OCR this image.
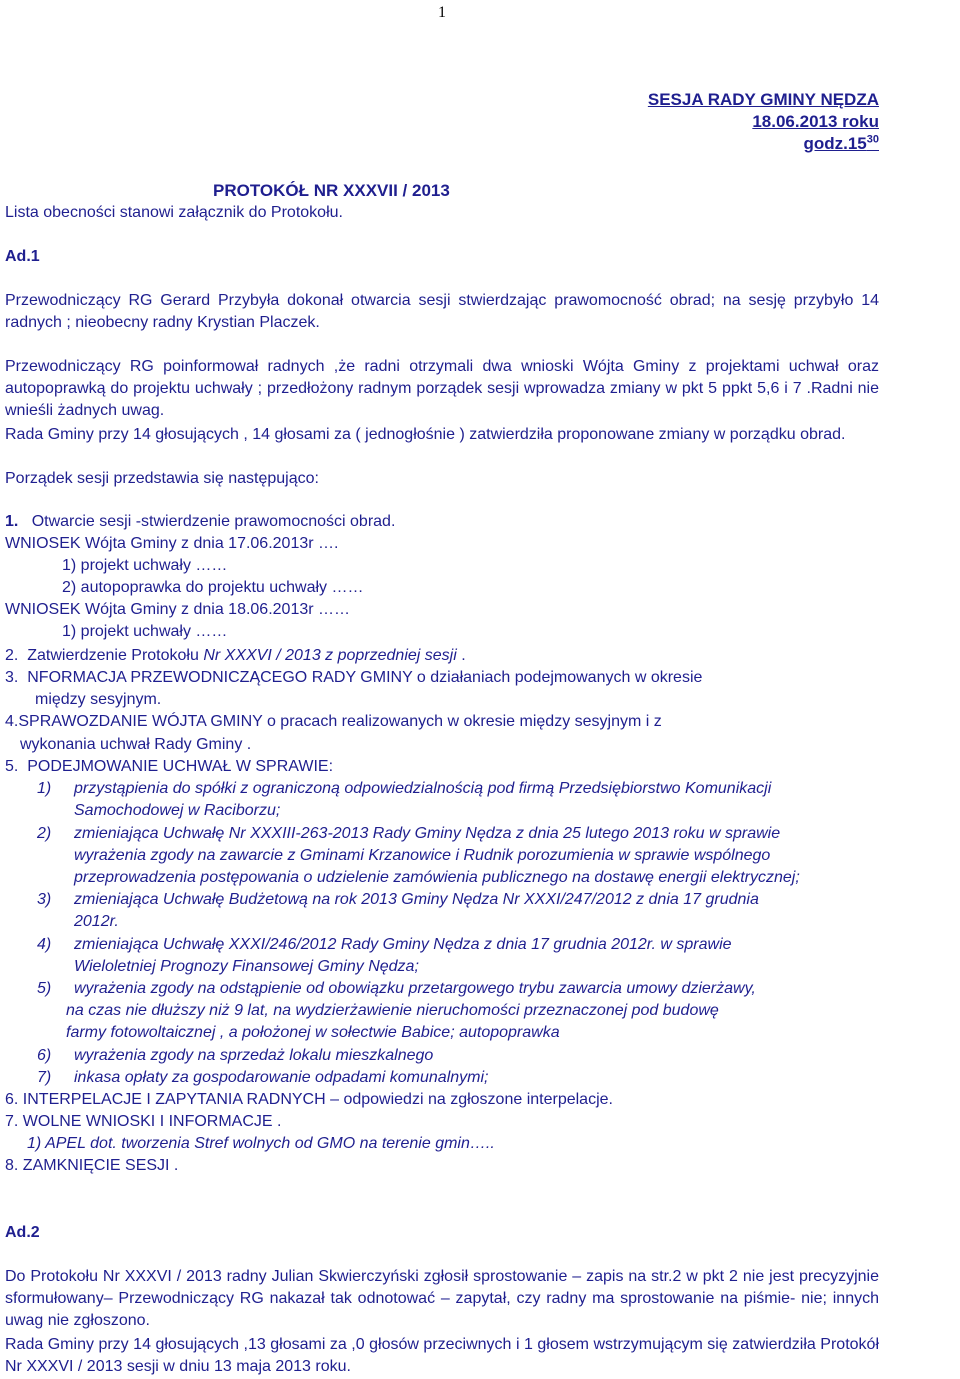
1
SESJA RADY GMINY NĘDZA
18.06.2013 roku
$godz.15^{30}$
PROTOKÓŁ NR XXXVII / 2013
Lista obecności stanowi załącznik do Protokołu.
Ad.1
Przewodniczący RG Gerard Przybyła dokonał otwarcia sesji stwierdzając prawomocność obrad; na sesję przybyło 14 radnych ; nieobecny radny Krystian Placzek.
Przewodniczący RG poinformował radnych ,że radni otrzymali dwa wnioski Wójta Gminy z projektami uchwał oraz autopoprawką do projektu uchwały ; przedłożony radnym porządek sesji wprowadza zmiany w pkt 5 ppkt 5,6 i 7 .Radni nie wnieśli żadnych uwag.
Rada Gminy przy 14 głosujących , 14 głosami za ( jednogłośnie ) zatwierdziła proponowane zmiany w porządku obrad.
Porządek sesji przedstawia się następująco:
1. Otwarcie sesji -stwierdzenie prawomocności obrad.
WNIOSEK Wójta Gminy z dnia 17.06.2013r ….
1) projekt uchwały ……
2) autopoprawka do projektu uchwały ……
WNIOSEK Wójta Gminy z dnia 18.06.2013r ……
1) projekt uchwały ……
2. Zatwierdzenie Protokołu Nr XXXVI / 2013 z poprzedniej sesji .
3. NFORMACJA PRZEWODNICZĄCEGO RADY GMINY o działaniach podejmowanych w okresie
między sesyjnym.
4.SPRAWOZDANIE WÓJTA GMINY o pracach realizowanych w okresie między sesyjnym i z
wykonania uchwał Rady Gminy .
5. PODEJMOWANIE UCHWAŁ W SPRAWIE:
1) przystąpienia do spółki z ograniczoną odpowiedzialnością pod firmą Przedsiębiorstwo Komunikacji
Samochodowej w Raciborzu;
2) zmieniająca Uchwałę Nr XXXIII-263-2013 Rady Gminy Nędza z dnia 25 lutego 2013 roku w sprawie
wyrażenia zgody na zawarcie z Gminami Krzanowice i Rudnik porozumienia w sprawie wspólnego
przeprowadzenia postępowania o udzielenie zamówienia publicznego na dostawę energii elektrycznej;
3) zmieniająca Uchwałę Budżetową na rok 2013 Gminy Nędza Nr XXXI/247/2012 z dnia 17 grudnia
2012r.
4) zmieniająca Uchwałę XXXI/246/2012 Rady Gminy Nędza z dnia 17 grudnia 2012r. w sprawie
Wieloletniej Prognozy Finansowej Gminy Nędza;
5) wyrażenia zgody na odstąpienie od obowiązku przetargowego trybu zawarcia umowy dzierżawy,
na czas nie dłuższy niż 9 lat, na wydzierżawienie nieruchomości przeznaczonej pod budowę
farmy fotowoltaicznej , a położonej w sołectwie Babice; autopoprawka
6) wyrażenia zgody na sprzedaż lokalu mieszkalnego
7) inkasa opłaty za gospodarowanie odpadami komunalnymi;
6. INTERPELACJE I ZAPYTANIA RADNYCH – odpowiedzi na zgłoszone interpelacje.
7. WOLNE WNIOSKI I INFORMACJE .
1) APEL dot. tworzenia Stref wolnych od GMO na terenie gmin…..
8. ZAMKNIĘCIE SESJI .
Ad.2
Do Protokołu Nr XXXVI / 2013 radny Julian Skwierczyński zgłosił sprostowanie – zapis na str.2 w pkt 2 nie jest precyzyjnie sformułowany– Przewodniczący RG nakazał tak odnotować – zapytał, czy radny ma sprostowanie na piśmie- nie; innych uwag nie zgłoszono.
Rada Gminy przy 14 głosujących ,13 głosami za ,0 głosów przeciwnych i 1 głosem wstrzymującym się zatwierdziła Protokół Nr XXXVI / 2013 sesji w dniu 13 maja 2013 roku.
